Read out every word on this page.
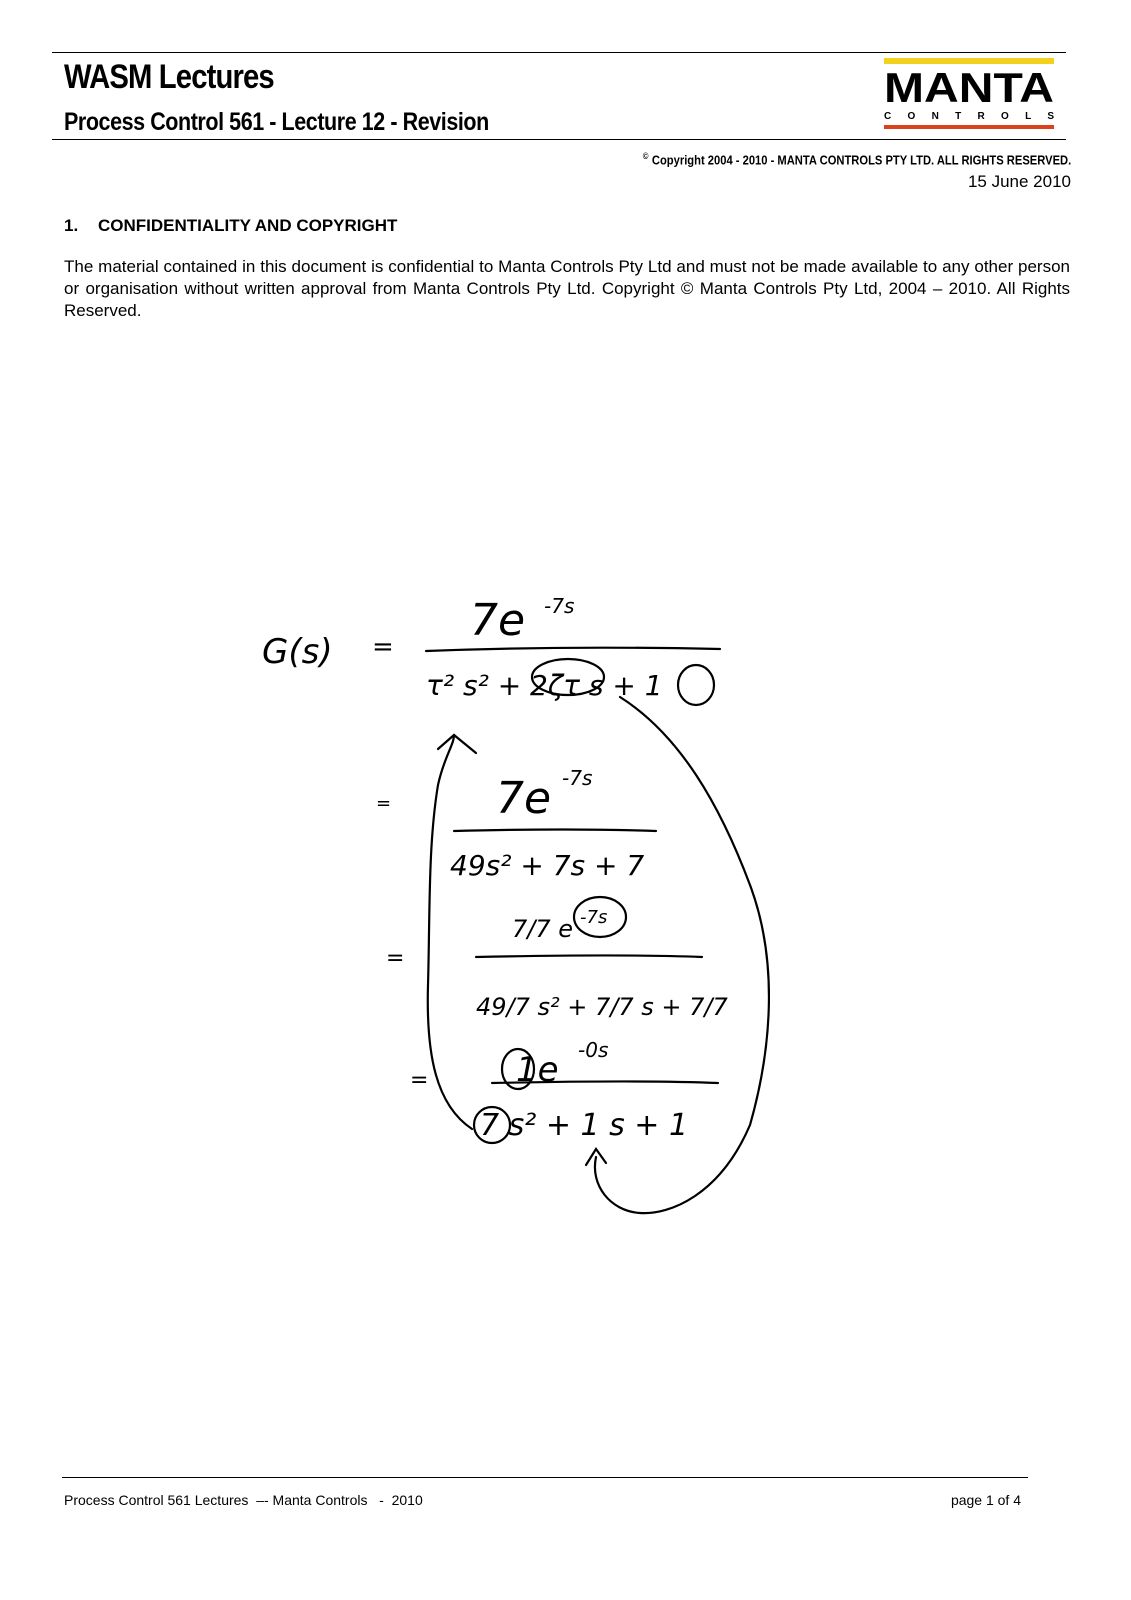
WASM Lectures
Process Control 561 - Lecture 12 - Revision
MANTA
C O N T R O L S
© Copyright 2004 - 2010 - MANTA CONTROLS PTY LTD. ALL RIGHTS RESERVED.
15 June 2010
1. CONFIDENTIALITY AND COPYRIGHT
The material contained in this document is confidential to Manta Controls Pty Ltd and must not be made available to any other person or organisation without written approval from Manta Controls Pty Ltd. Copyright © Manta Controls Pty Ltd, 2004 – 2010. All Rights Reserved.
G(s) =
7e -7s
τ² s² + 2ζτ s + 1
= 7e -7s
49s² + 7s + 7
=
7/7 e -7s
49/7 s² + 7/7 s + 7/7
=	1e -0s
7 s² + 1 s + 1
Process Control 561 Lectures  –- Manta Controls   -  2010	page 1 of 4
